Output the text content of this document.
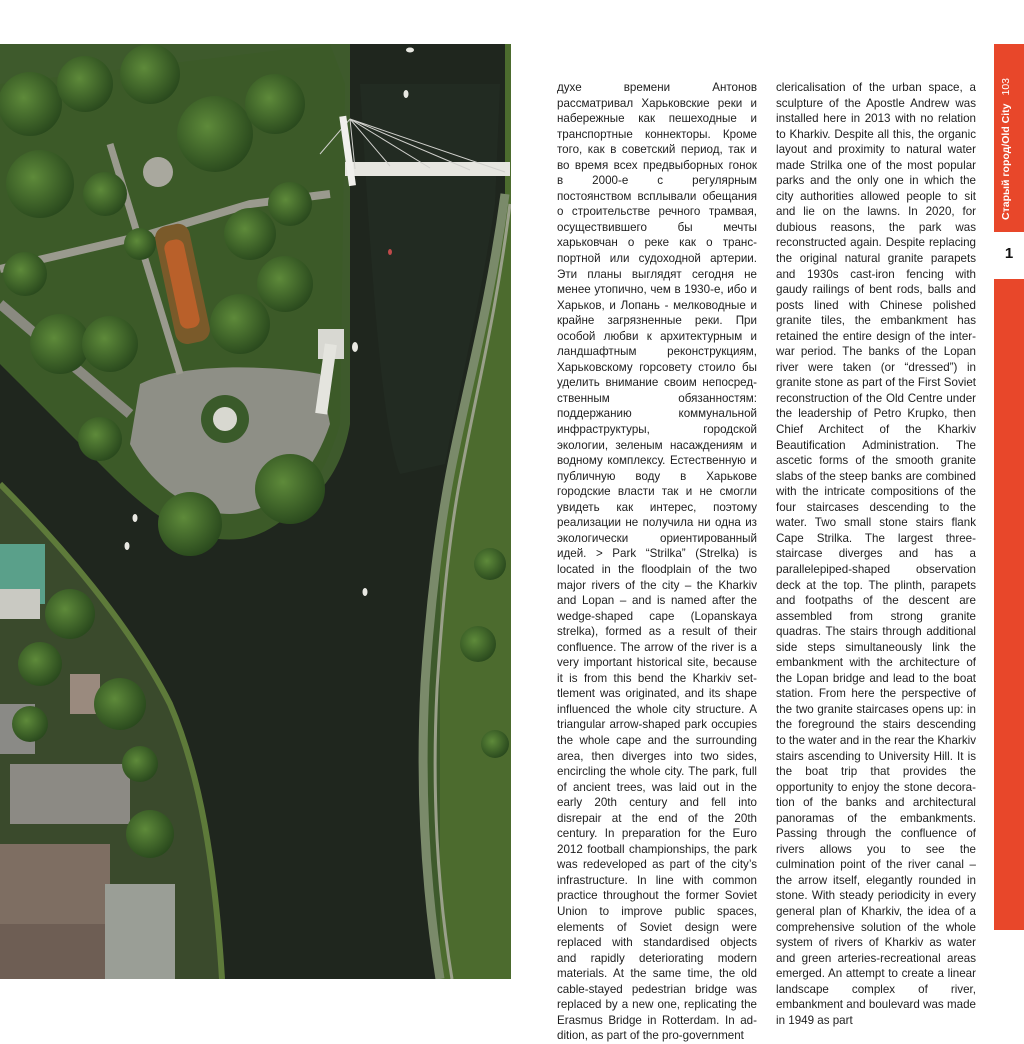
духе времени Антонов рассматривал Харьковские реки и набережные как пешеходные и транспортные коннекторы. Кроме того, как в советский период, так и во время всех предвыборных гонок в 2000-е с регулярным постоянством всплывали обещания о строительстве речного трамвая, осуществившего бы мечты харьковчан о реке как о транспортной или судоходной артерии. Эти планы выглядят сегодня не менее утопично, чем в 1930-е, ибо и Харьков, и Лопань - мелководные и крайне загрязненные реки. При особой любви к архитектурным и ландшафтным реконструкциям, Харьковскому горсовету стоило бы уделить внимание своим непосредственным обязанностям: поддержанию коммунальной инфраструктуры, городской экологии, зеленым насаждениям и водному комплексу. Естественную и публичную воду в Харькове городские власти так и не смогли увидеть как интерес, поэтому реализации не получила ни одна из экологически ориентированный идей. > Park “Strilka” (Strelka) is located in the floodplain of the two major rivers of the city – the Kharkiv and Lopan – and is named after the wedge-shaped cape (Lopanskaya strelka), formed as a result of their confluence. The arrow of the river is a very important historical site, because it is from this bend the Kharkiv settlement was originated, and its shape influenced the whole city structure. A triangular arrow-shaped park occupies the whole cape and the surrounding area, then diverges into two sides, encircling the whole city. The park, full of ancient trees, was laid out in the early 20th century and fell into disrepair at the end of the 20th century. In preparation for the Euro 2012 football championships, the park was redeveloped as part of the city’s infrastructure. In line with common practice throughout the former Soviet Union to improve public spaces, elements of Soviet design were replaced with standardised objects and rapidly deteriorating modern materials. At the same time, the old cable-stayed pedestrian bridge was replaced by a new one, replicating the Erasmus Bridge in Rotterdam. In addition, as part of the pro-government

clericalisation of the urban space, a sculpture of the Apostle Andrew was installed here in 2013 with no relation to Kharkiv. Despite all this, the organic layout and proximity to natural water made Strilka one of the most popular parks and the only one in which the city authorities allowed people to sit and lie on the lawns. In 2020, for dubious reasons, the park was reconstructed again. Despite replacing the original natural granite parapets and 1930s cast-iron fencing with gaudy railings of bent rods, balls and posts lined with Chinese polished granite tiles, the embankment has retained the entire design of the inter-war period. The banks of the Lopan river were taken (or “dressed”) in granite stone as part of the First Soviet reconstruction of the Old Centre under the leadership of Petro Krupko, then Chief Architect of the Kharkiv Beautification Administration. The ascetic forms of the smooth granite slabs of the steep banks are combined with the intricate compositions of the four staircases descending to the water. Two small stone stairs flank Cape Strilka. The largest three-staircase diverges and has a parallelepiped-shaped observation deck at the top. The plinth, parapets and footpaths of the descent are assembled from strong granite quadras. The stairs through additional side steps simultaneously link the embankment with the architecture of the Lopan bridge and lead to the boat station. From here the perspective of the two granite staircases opens up: in the foreground the stairs descending to the water and in the rear the Kharkiv stairs ascending to University Hill. It is the boat trip that provides the opportunity to enjoy the stone decoration of the banks and architectural panoramas of the embankments. Passing through the confluence of rivers allows you to see the culmination point of the river canal – the arrow itself, elegantly rounded in stone. With steady periodicity in every general plan of Kharkiv, the idea of a comprehensive solution of the whole system of rivers of Kharkiv as water and green arteries-recreational areas emerged. An attempt to create a linear landscape complex of river, embankment and boulevard was made in 1949 as part

Старый город/Old City103
1
